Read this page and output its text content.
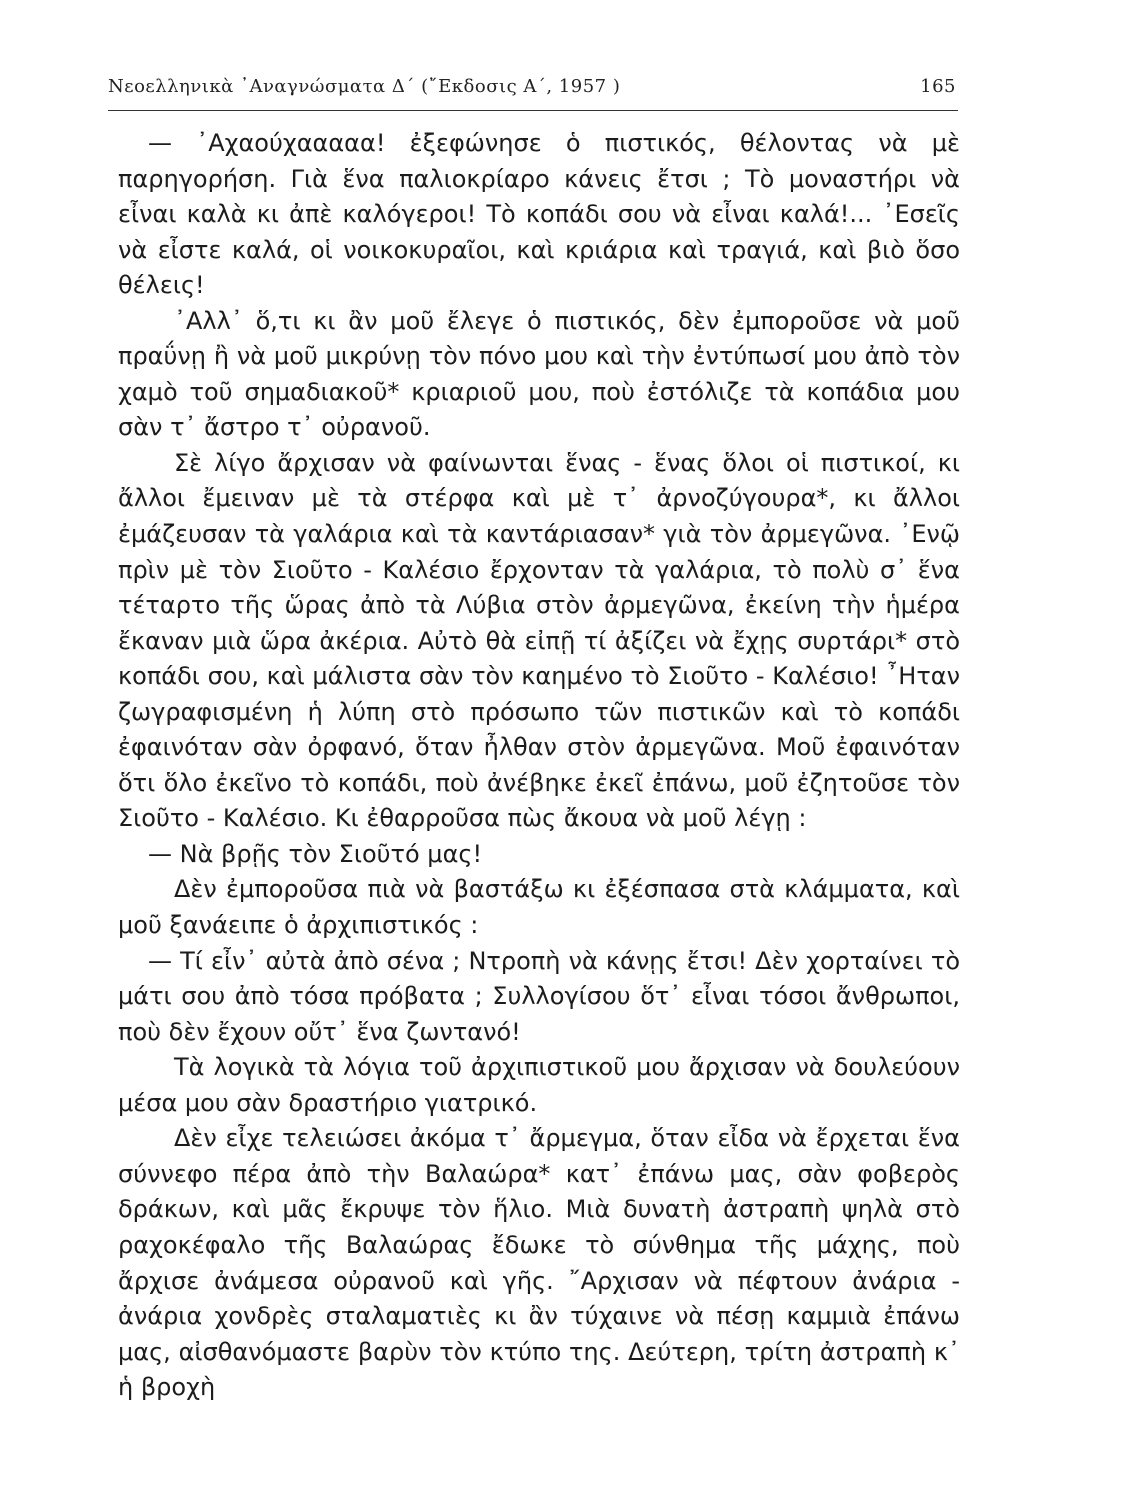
Νεοελληνικὰ ᾿Αναγνώσματα Δ΄ (῎Εκδοσις Α΄, 1957 )	165

— ᾿Αχαούχααααα! ἐξεφώνησε ὁ πιστικός, θέλοντας νὰ μὲ παρηγορήση. Γιὰ ἕνα παλιοκρίαρο κάνεις ἔτσι ; Τὸ μοναστήρι νὰ εἶναι καλὰ κι ἀπὲ καλόγεροι! Τὸ κοπάδι σου νὰ εἶναι καλά!... ᾿Εσεῖς νὰ εἶστε καλά, οἱ νοικοκυραῖοι, καὶ κριάρια καὶ τραγιά, καὶ βιὸ ὅσο θέλεις!

᾿Αλλ᾿ ὅ,τι κι ἂν μοῦ ἔλεγε ὁ πιστικός, δὲν ἐμποροῦσε νὰ μοῦ πραΰνῃ ἢ νὰ μοῦ μικρύνῃ τὸν πόνο μου καὶ τὴν ἐντύπωσί μου ἀπὸ τὸν χαμὸ τοῦ σημαδιακοῦ* κριαριοῦ μου, ποὺ ἐστόλιζε τὰ κοπάδια μου σὰν τ᾿ ἄστρο τ᾿ οὐρανοῦ.

Σὲ λίγο ἄρχισαν νὰ φαίνωνται ἕνας - ἕνας ὅλοι οἱ πιστικοί, κι ἄλλοι ἔμειναν μὲ τὰ στέρφα καὶ μὲ τ᾿ ἀρνοζύγουρα*, κι ἄλλοι ἐμάζευσαν τὰ γαλάρια καὶ τὰ καντάριασαν* γιὰ τὸν ἀρμεγῶνα. ᾿Ενῷ πρὶν μὲ τὸν Σιοῦτο - Καλέσιο ἔρχονταν τὰ γαλάρια, τὸ πολὺ σ᾿ ἕνα τέταρτο τῆς ὥρας ἀπὸ τὰ Λύβια στὸν ἀρμεγῶνα, ἐκείνη τὴν ἡμέρα ἔκαναν μιὰ ὥρα ἀκέρια. Αὐτὸ θὰ εἰπῇ τί ἀξίζει νὰ ἔχῃς συρτάρι* στὸ κοπάδι σου, καὶ μάλιστα σὰν τὸν καημένο τὸ Σιοῦτο - Καλέσιο! ῏Ηταν ζωγραφισμένη ἡ λύπη στὸ πρόσωπο τῶν πιστικῶν καὶ τὸ κοπάδι ἐφαινόταν σὰν ὀρφανό, ὅταν ἦλθαν στὸν ἀρμεγῶνα. Μοῦ ἐφαινόταν ὅτι ὅλο ἐκεῖνο τὸ κοπάδι, ποὺ ἀνέβηκε ἐκεῖ ἐπάνω, μοῦ ἐζητοῦσε τὸν Σιοῦτο - Καλέσιο. Κι ἐθαρροῦσα πὼς ἄκουα νὰ μοῦ λέγῃ :

— Νὰ βρῇς τὸν Σιοῦτό μας!

Δὲν ἐμποροῦσα πιὰ νὰ βαστάξω κι ἐξέσπασα στὰ κλάμματα, καὶ μοῦ ξανάειπε ὁ ἀρχιπιστικός :

— Τί εἶν᾿ αὐτὰ ἀπὸ σένα ; Ντροπὴ νὰ κάνῃς ἔτσι! Δὲν χορταίνει τὸ μάτι σου ἀπὸ τόσα πρόβατα ; Συλλογίσου ὅτ᾿ εἶναι τόσοι ἄνθρωποι, ποὺ δὲν ἔχουν οὔτ᾿ ἕνα ζωντανό!

Τὰ λογικὰ τὰ λόγια τοῦ ἀρχιπιστικοῦ μου ἄρχισαν νὰ δουλεύουν μέσα μου σὰν δραστήριο γιατρικό.

Δὲν εἶχε τελειώσει ἀκόμα τ᾿ ἄρμεγμα, ὅταν εἶδα νὰ ἔρχεται ἕνα σύννεφο πέρα ἀπὸ τὴν Βαλαώρα* κατ᾿ ἐπάνω μας, σὰν φοβερὸς δράκων, καὶ μᾶς ἔκρυψε τὸν ἥλιο. Μιὰ δυνατὴ ἀστραπὴ ψηλὰ στὸ ραχοκέφαλο τῆς Βαλαώρας ἔδωκε τὸ σύνθημα τῆς μάχης, ποὺ ἄρχισε ἀνάμεσα οὐρανοῦ καὶ γῆς. ῎Αρχισαν νὰ πέφτουν ἀνάρια - ἀνάρια χονδρὲς σταλαματιὲς κι ἂν τύχαινε νὰ πέσῃ καμμιὰ ἐπάνω μας, αἰσθανόμαστε βαρὺν τὸν κτύπο της. Δεύτερη, τρίτη ἀστραπὴ κ᾿ ἡ βροχὴ
